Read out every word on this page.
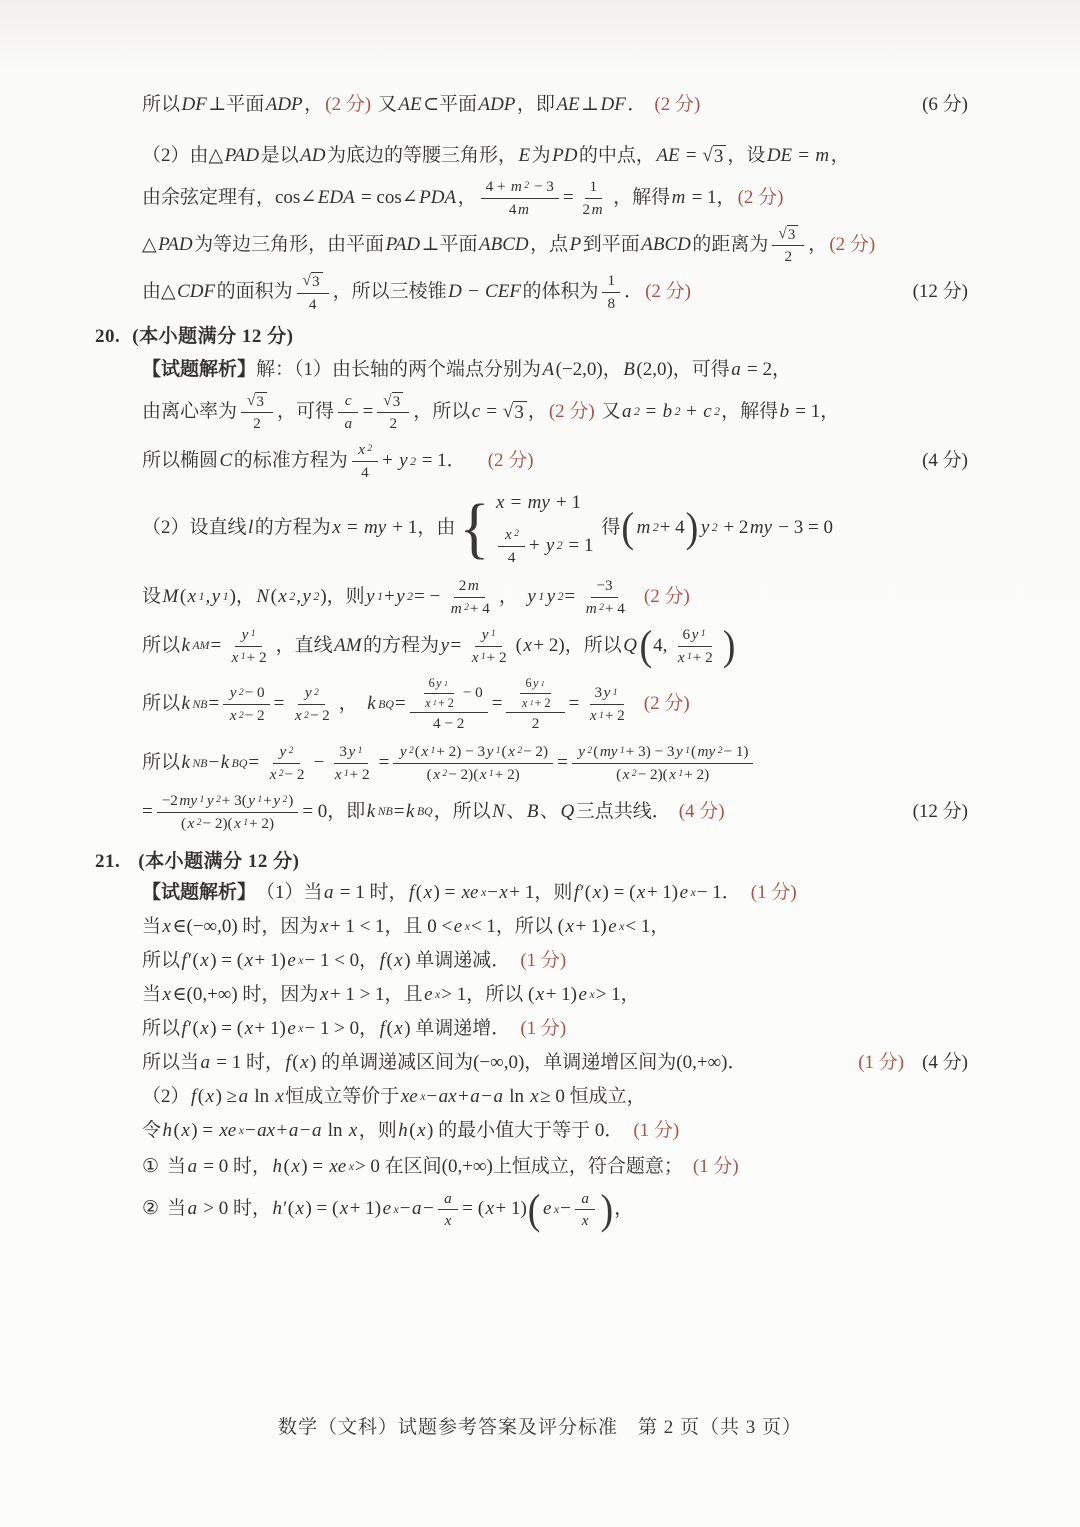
所以 DF ⊥平面 ADP ， (2 分) 又 AE ⊂平面 ADP ，即 AE ⊥ DF ． (2 分)	(6 分)
（2）由△ PAD 是以 AD 为底边的等腰三角形， E 为 PD 的中点， AE = √ 3 ，设 DE = m ，
由余弦定理有，cos∠ EDA = cos∠ PDA ， $\frac{4 + m 2 - 3}{4 m} = \frac{1}{2 m}$ ，解得 m = 1， (2 分)
△ PAD 为等边三角形，由平面 PAD ⊥平面 ABCD ，点 P 到平面 ABCD 的距离为 $\frac{√ 3}{2}$ ， (2 分)
由△ CDF 的面积为 $\frac{√ 3}{4}$ ，所以三棱锥 D − CEF 的体积为 $\frac{1}{8}$ ． (2 分)	(12 分)
20. (本小题满分 12 分)
【试题解析】 解：（1）由长轴的两个端点分别为 A (−2,0)， B (2,0)，可得 a = 2，
由离心率为 $\frac{√ 3}{2}$ ，可得 $\frac{c}{a} = \frac{√ 3}{2}$ ，所以 c = √ 3 ， (2 分) 又 a 2 = b 2 + c 2 ，解得 b = 1，
所以椭圆 C 的标准方程为 $\frac{x 2}{4} + y$ 2 = 1． (2 分)	(4 分)
（2）设直线 l 的方程为 x = my + 1，由 { x = my + 1
$\frac{x 2}{4} + y$ 2 = 1
得 ( m 2 + 4 ) y 2 + 2 my − 3 = 0
设 M ( x 1 , y 1 )， N ( x 2 , y 2 )，则 y 1 + y 2 = − $\frac{2 m}{m 2 + 4}$ ， y 1 y $2 = \frac{-3}{m 2 + 4} (2$ 分)
所以 k AM = $\frac{y 1}{x 1 + 2}$ ，直线 AM 的方程为 $y = \frac{y 1}{x 1 + 2}$ ( x + 2)，所以 Q ( 4, $\frac{6 y 1}{x 1 + 2}$ )
所以 k NB = $\frac{y 2 - 0}{x 2 - 2} = \frac{y 2}{x 2 - 2}$ ， k BQ = $\frac{\frac{6 y 1}{x 1 + 2} - 0}{4 - 2} = \frac{\frac{6 y 1}{x 1 + 2}}{2} = \frac{3 y 1}{x 1 + 2} (2$ 分)
所以 k NB − k BQ = $\frac{y 2}{x 2 - 2} - \frac{3 y 1}{x 1 + 2} = \frac{y 2 ( x 1 + 2) - 3 y 1 ( x 2 - 2)}{( x 2 - 2)( x 1 + 2)} = \frac{y 2 ( my 1 + 3) - 3 y 1 ( my 2 - 1)}{( x 2 - 2)( x 1 + 2)}$
= $\frac{-2 my 1 y 2 + 3( y 1 + y 2 )}{( x 2 - 2)( x 1 + 2)} = 0$，即 k NB = k BQ ，所以 N 、 B 、 Q 三点共线． (4 分)	(12 分)
21. (本小题满分 12 分)
【试题解析】 （1）当 a = 1 时， f ( x ) = xe x − x + 1，则 f′ ( x ) = ( x + 1) e x − 1． (1 分)
当 x ∈(−∞,0) 时，因为 x + 1 < 1，且 0 < e x < 1，所以 ( x + 1) e x < 1，
所以 f′ ( x ) = ( x + 1) e x − 1 < 0， f ( x ) 单调递减． (1 分)
当 x ∈(0,+∞) 时，因为 x + 1 > 1，且 e x > 1，所以 ( x + 1) e x > 1，
所以 f′ ( x ) = ( x + 1) e x − 1 > 0， f ( x ) 单调递增． (1 分)
所以当 a = 1 时， f ( x ) 的单调递减区间为(−∞,0)，单调递增区间为(0,+∞)．	(1 分) (4 分)
（2） f ( x ) ≥ a ln x 恒成立等价于 xe x − ax + a − a ln x ≥ 0 恒成立，
令 h ( x ) = xe x − ax + a − a ln x ，则 h ( x ) 的最小值大于等于 0． (1 分)
① 当 a = 0 时， h ( x ) = xe x > 0 在区间(0,+∞)上恒成立，符合题意； (1 分)
② 当 a > 0 时， h′ ( x ) = ( x + 1) e $x - a - \frac{a}{x}$ = ( x + 1) ( e $x - \frac{a}{x}$ ) ，
数学（文科）试题参考答案及评分标准　第 2 页（共 3 页）
